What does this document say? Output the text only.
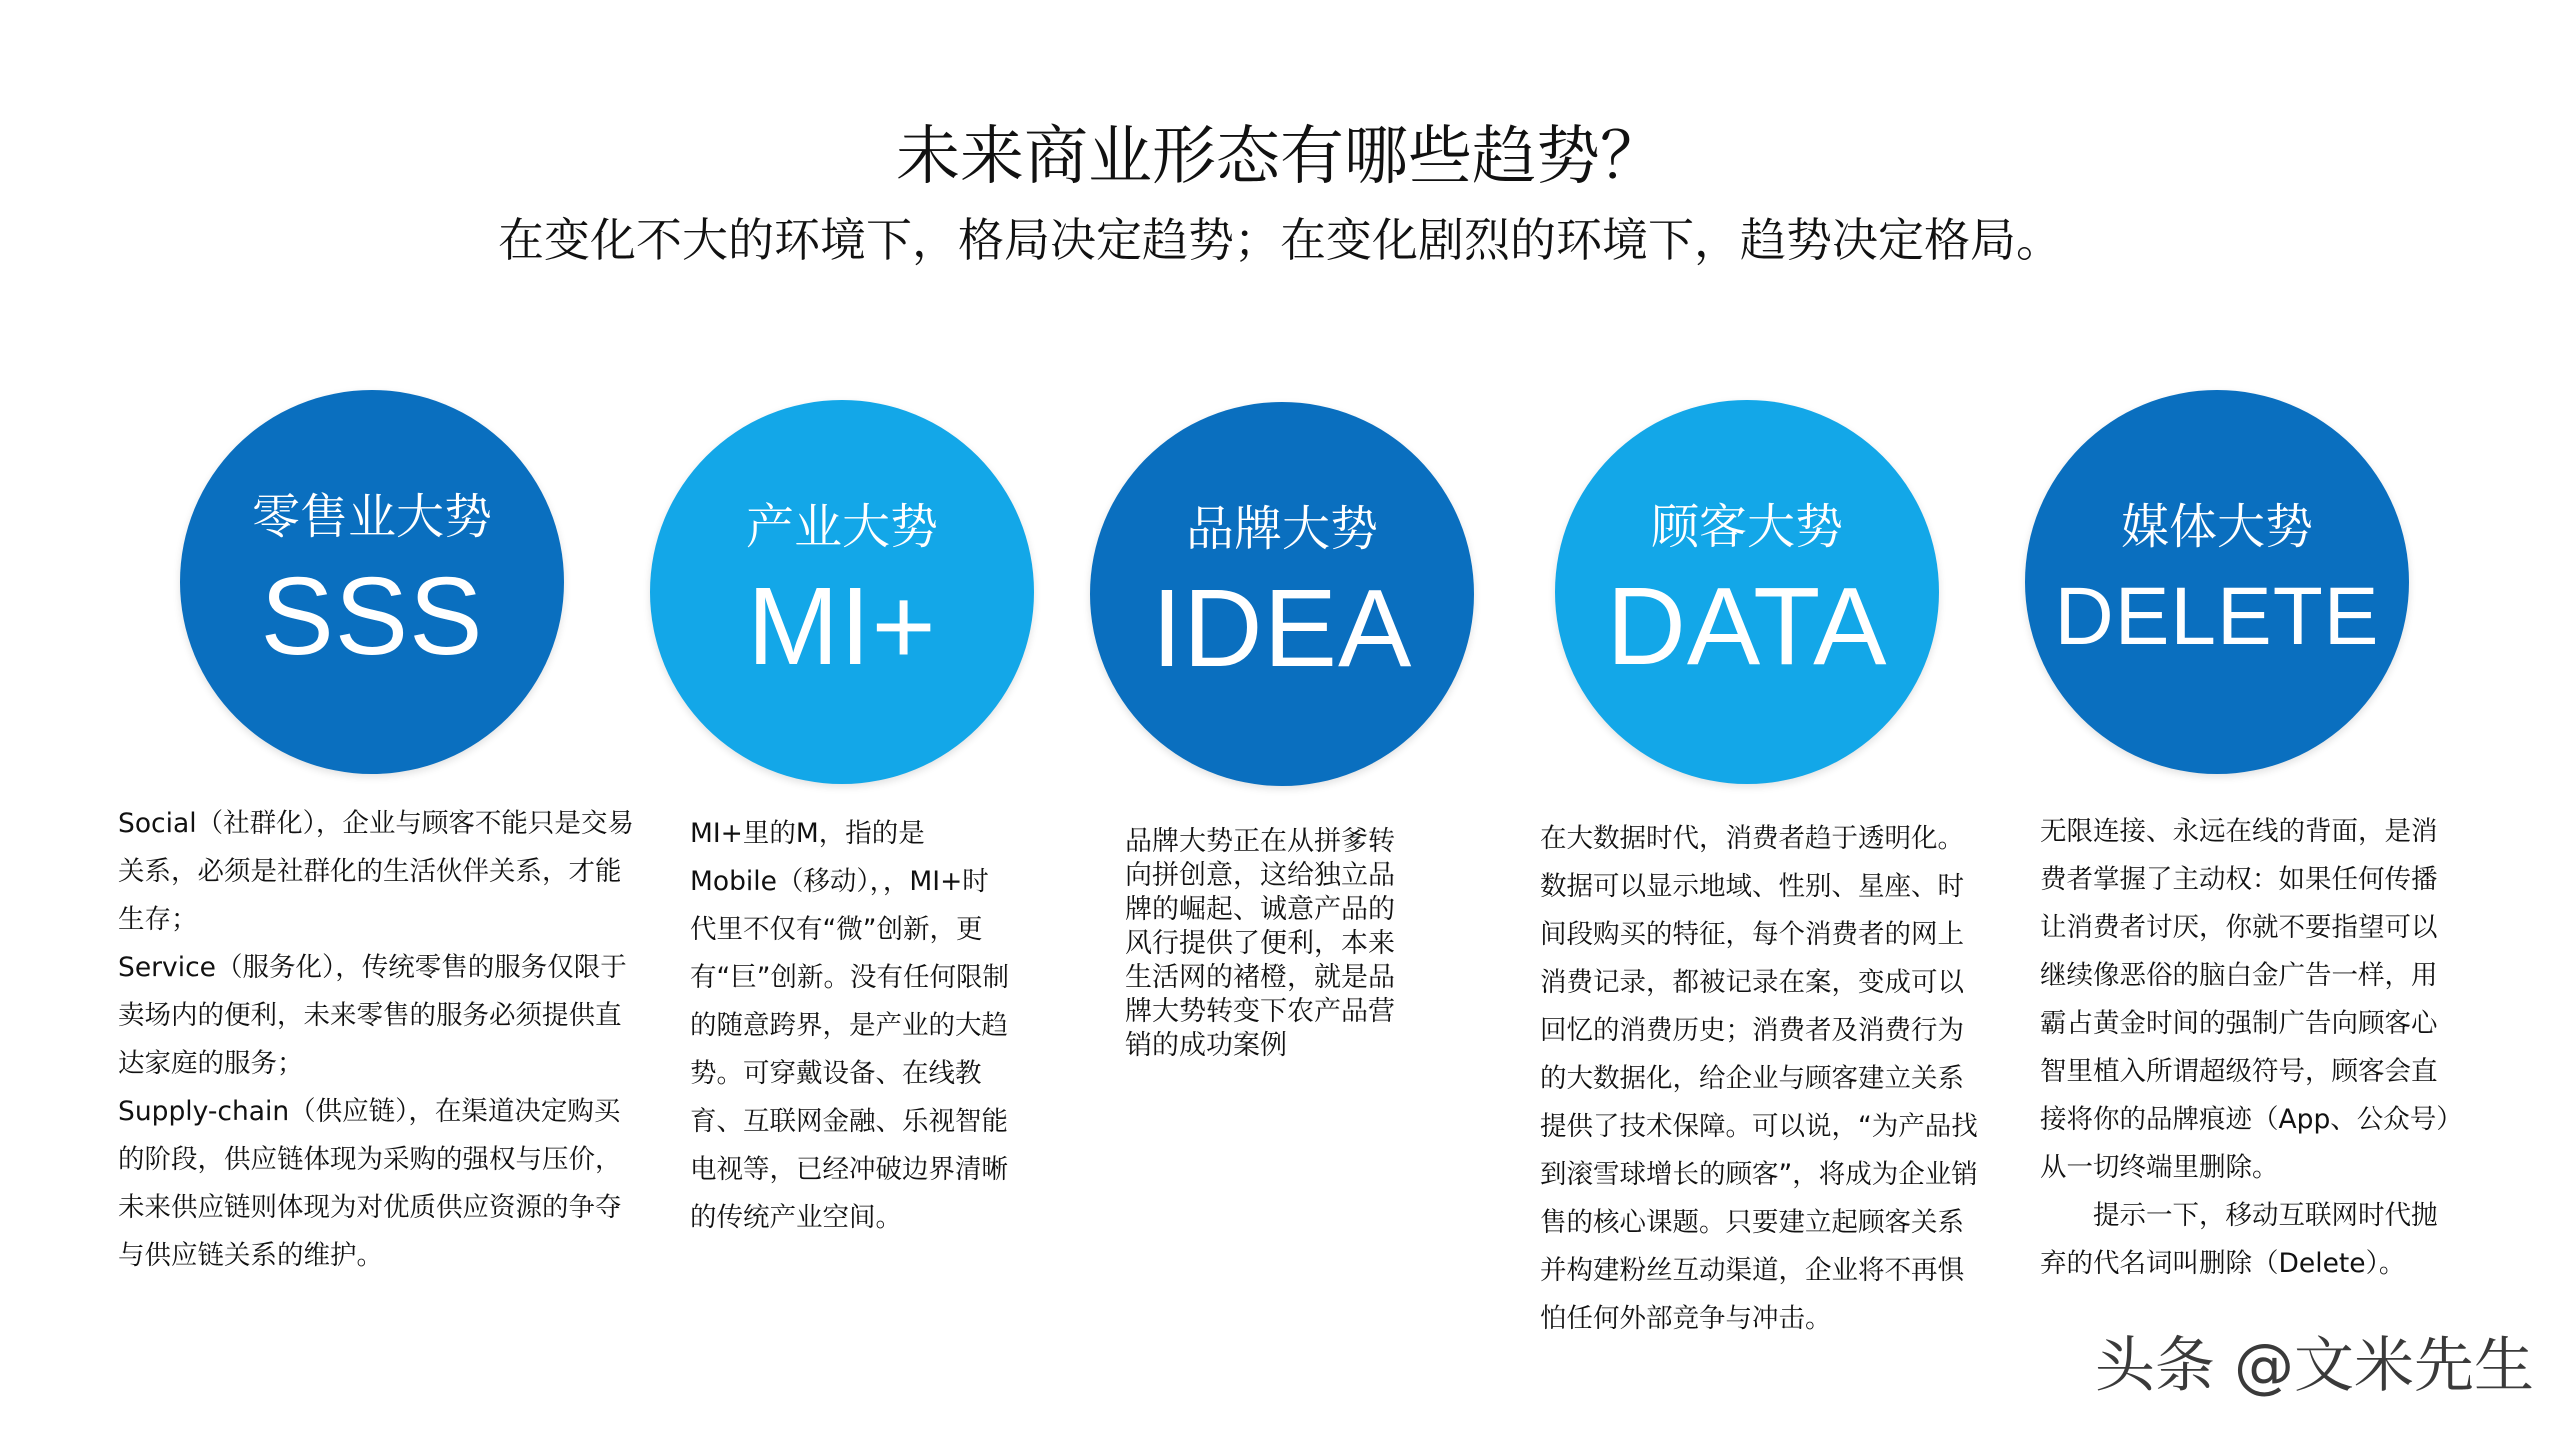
未来商业形态有哪些趋势？
在变化不大的环境下，格局决定趋势；在变化剧烈的环境下，趋势决定格局。
零售业大势
SSS
产业大势
MI+
品牌大势
IDEA
顾客大势
DATA
媒体大势
DELETE

Social（社群化），企业与顾客不能只是交易关系，必须是社群化的生活伙伴关系，才能生存；

Service（服务化），传统零售的服务仅限于卖场内的便利，未来零售的服务必须提供直达家庭的服务；

Supply-chain（供应链），在渠道决定购买的阶段，供应链体现为采购的强权与压价，未来供应链则体现为对优质供应资源的争夺与供应链关系的维护。

MI+里的M，指的是Mobile（移动），，MI+时代里不仅有“微”创新，更有“巨”创新。没有任何限制的随意跨界，是产业的大趋势。可穿戴设备、在线教育、互联网金融、乐视智能电视等，已经冲破边界清晰的传统产业空间。

品牌大势正在从拼爹转向拼创意，这给独立品牌的崛起、诚意产品的风行提供了便利，本来生活网的褚橙，就是品牌大势转变下农产品营销的成功案例

在大数据时代，消费者趋于透明化。数据可以显示地域、性别、星座、时间段购买的特征，每个消费者的网上消费记录，都被记录在案，变成可以回忆的消费历史；消费者及消费行为的大数据化，给企业与顾客建立关系提供了技术保障。可以说，“为产品找到滚雪球增长的顾客”，将成为企业销售的核心课题。只要建立起顾客关系并构建粉丝互动渠道，企业将不再惧怕任何外部竞争与冲击。

无限连接、永远在线的背面，是消费者掌握了主动权：如果任何传播让消费者讨厌，你就不要指望可以继续像恶俗的脑白金广告一样，用霸占黄金时间的强制广告向顾客心智里植入所谓超级符号，顾客会直接将你的品牌痕迹（App、公众号）从一切终端里删除。

提示一下，移动互联网时代抛弃的代名词叫删除（Delete）。

头条 @文米先生
